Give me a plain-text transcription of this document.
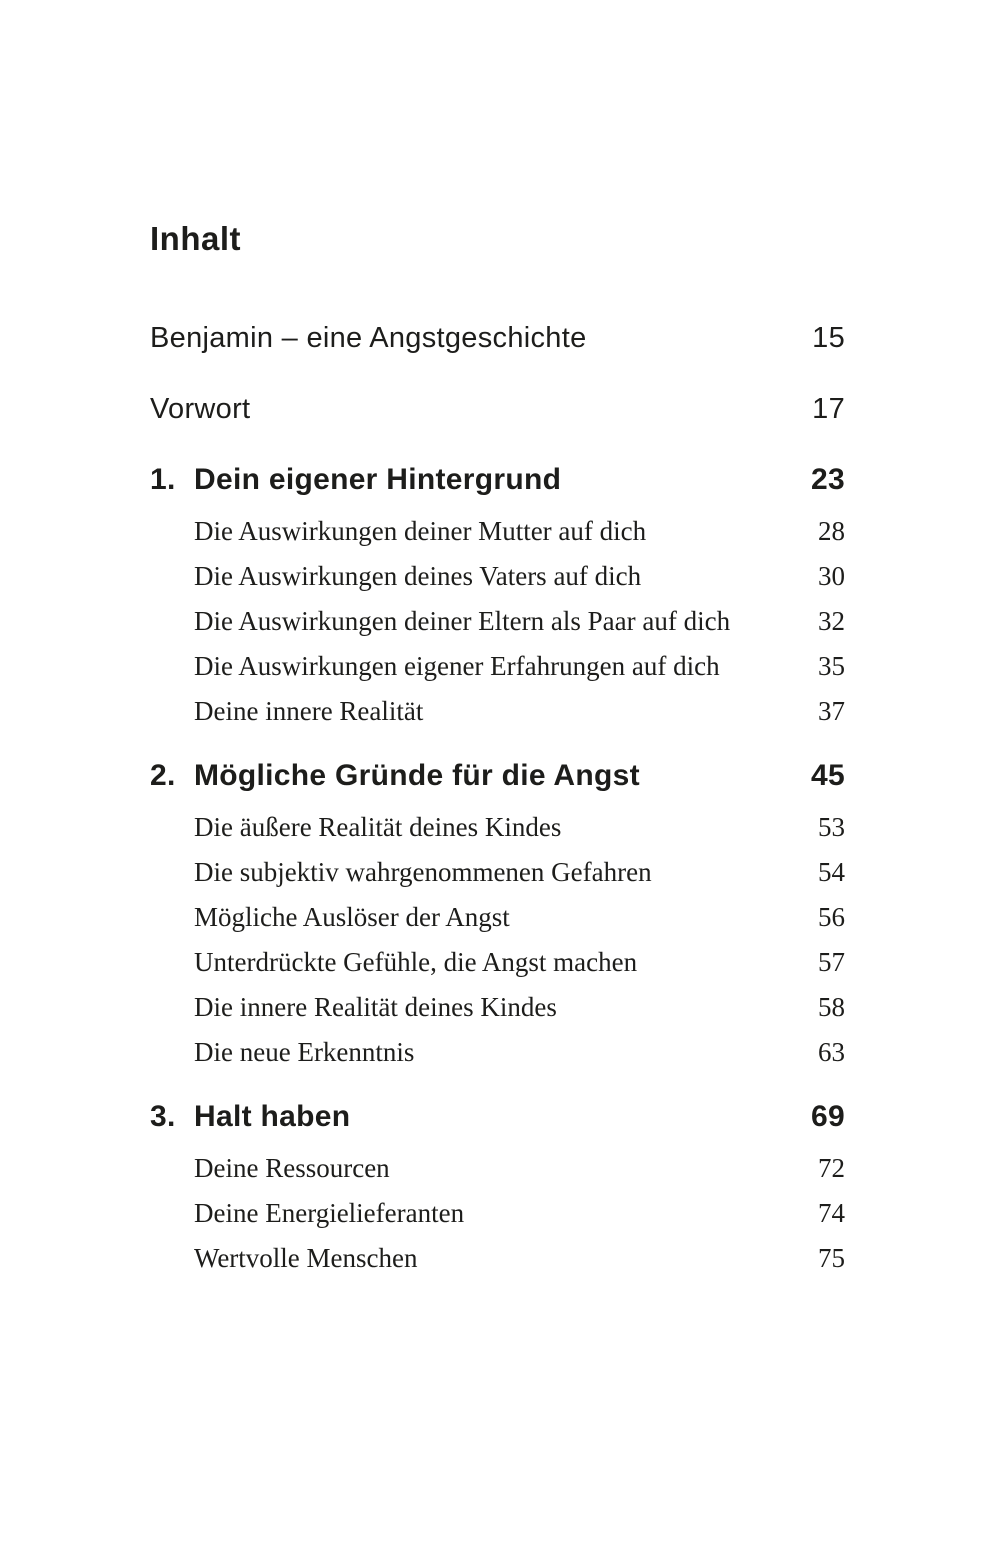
Inhalt
Benjamin – eine Angstgeschichte	15
Vorwort	17
1. Dein eigener Hintergrund	23
Die Auswirkungen deiner Mutter auf dich	28
Die Auswirkungen deines Vaters auf dich	30
Die Auswirkungen deiner Eltern als Paar auf dich	32
Die Auswirkungen eigener Erfahrungen auf dich	35
Deine innere Realität	37
2. Mögliche Gründe für die Angst	45
Die äußere Realität deines Kindes	53
Die subjektiv wahrgenommenen Gefahren	54
Mögliche Auslöser der Angst	56
Unterdrückte Gefühle, die Angst machen	57
Die innere Realität deines Kindes	58
Die neue Erkenntnis	63
3. Halt haben	69
Deine Ressourcen	72
Deine Energielieferanten	74
Wertvolle Menschen	75
